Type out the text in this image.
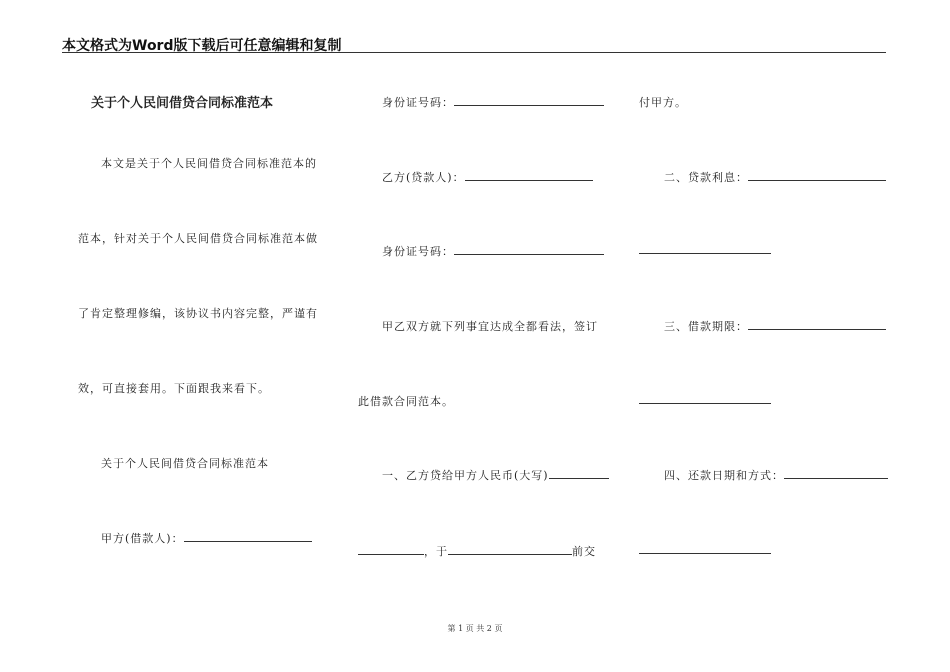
本文格式为Word版下载后可任意编辑和复制
关于个人民间借贷合同标准范本
本文是关于个人民间借贷合同标准范本的
范本，针对关于个人民间借贷合同标准范本做
了肯定整理修编，该协议书内容完整，严谨有
效，可直接套用。下面跟我来看下。
关于个人民间借贷合同标准范本
甲方(借款人)：
身份证号码：
乙方(贷款人)：
身份证号码：
甲乙双方就下列事宜达成全都看法，签订
此借款合同范本。
一、乙方贷给甲方人民币(大写)
，于	前交
付甲方。
二、贷款利息：
三、借款期限：
四、还款日期和方式：
第 1 页 共 2 页
